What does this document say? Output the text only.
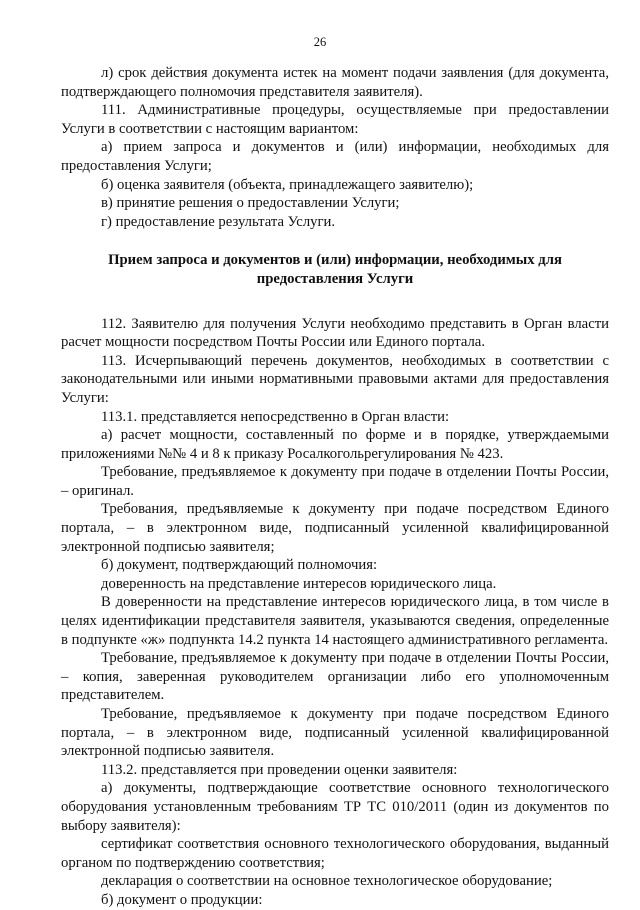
26

л) срок действия документа истек на момент подачи заявления (для документа, подтверждающего полномочия представителя заявителя).

111. Административные процедуры, осуществляемые при предоставлении Услуги в соответствии с настоящим вариантом:

а) прием запроса и документов и (или) информации, необходимых для предоставления Услуги;

б) оценка заявителя (объекта, принадлежащего заявителю);

в) принятие решения о предоставлении Услуги;

г) предоставление результата Услуги.

Прием запроса и документов и (или) информации, необходимых для предоставления Услуги

112. Заявителю для получения Услуги необходимо представить в Орган власти расчет мощности посредством Почты России или Единого портала.

113. Исчерпывающий перечень документов, необходимых в соответствии с законодательными или иными нормативными правовыми актами для предоставления Услуги:

113.1. представляется непосредственно в Орган власти:

а) расчет мощности, составленный по форме и в порядке, утверждаемыми приложениями №№ 4 и 8 к приказу Росалкогольрегулирования № 423.

Требование, предъявляемое к документу при подаче в отделении Почты России, – оригинал.

Требования, предъявляемые к документу при подаче посредством Единого портала, – в электронном виде, подписанный усиленной квалифицированной электронной подписью заявителя;

б) документ, подтверждающий полномочия:

доверенность на представление интересов юридического лица.

В доверенности на представление интересов юридического лица, в том числе в целях идентификации представителя заявителя, указываются сведения, определенные в подпункте «ж» подпункта 14.2 пункта 14 настоящего административного регламента.

Требование, предъявляемое к документу при подаче в отделении Почты России, – копия, заверенная руководителем организации либо его уполномоченным представителем.

Требование, предъявляемое к документу при подаче посредством Единого портала, – в электронном виде, подписанный усиленной квалифицированной электронной подписью заявителя.

113.2. представляется при проведении оценки заявителя:

а) документы, подтверждающие соответствие основного технологического оборудования установленным требованиям ТР ТС 010/2011 (один из документов по выбору заявителя):

сертификат соответствия основного технологического оборудования, выданный органом по подтверждению соответствия;

декларация о соответствии на основное технологическое оборудование;

б) документ о продукции:
